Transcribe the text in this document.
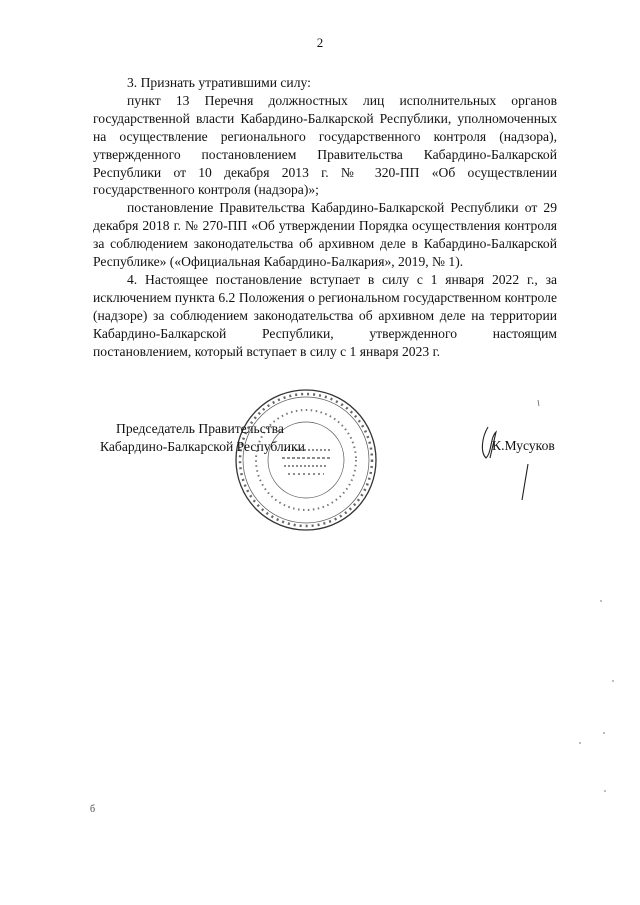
2

3. Признать утратившими силу:

пункт 13 Перечня должностных лиц исполнительных органов государственной власти Кабардино-Балкарской Республики, уполномоченных на осуществление регионального государственного контроля (надзора), утвержденного постановлением Правительства Кабардино-Балкарской Республики от 10 декабря 2013 г. № 320-ПП «Об осуществлении государственного контроля (надзора)»;

постановление Правительства Кабардино-Балкарской Республики от 29 декабря 2018 г. № 270-ПП «Об утверждении Порядка осуществления контроля за соблюдением законодательства об архивном деле в Кабардино-Балкарской Республике» («Официальная Кабардино-Балкария», 2019, № 1).

4. Настоящее постановление вступает в силу с 1 января 2022 г., за исключением пункта 6.2 Положения о региональном государственном контроле (надзоре) за соблюдением законодательства об архивном деле на территории Кабардино-Балкарской Республики, утвержденного настоящим постановлением, который вступает в силу с 1 января 2023 г.

Председатель Правительства
Кабардино-Балкарской Республики	К.Мусуков
б
